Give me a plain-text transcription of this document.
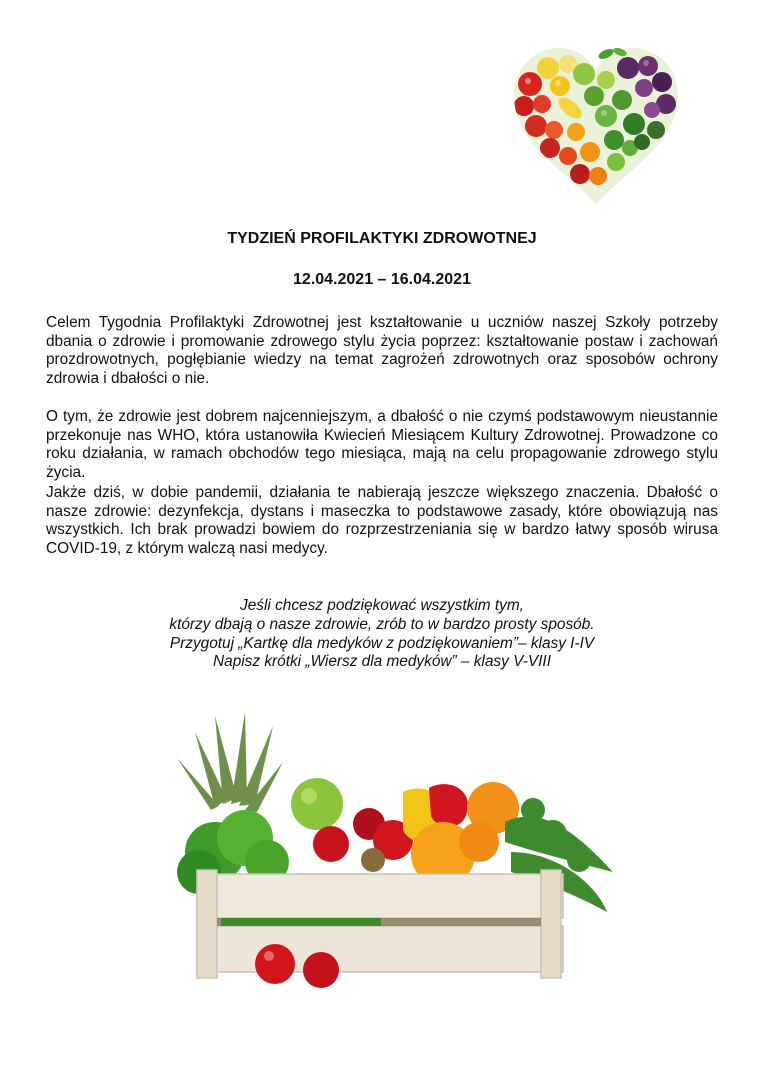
TYDZIEŃ PROFILAKTYKI ZDROWOTNEJ
12.04.2021 – 16.04.2021

Celem Tygodnia Profilaktyki Zdrowotnej jest kształtowanie u uczniów naszej Szkoły potrzeby dbania o zdrowie i promowanie zdrowego stylu życia poprzez: kształtowanie postaw i zachowań prozdrowotnych, pogłębianie wiedzy na temat zagrożeń zdrowotnych oraz sposobów ochrony zdrowia i dbałości o nie.

O tym, że zdrowie jest dobrem najcenniejszym, a dbałość o nie czymś podstawowym nieustannie przekonuje nas WHO, która ustanowiła Kwiecień Miesiącem Kultury Zdrowotnej. Prowadzone co roku działania, w ramach obchodów tego miesiąca, mają na celu propagowanie zdrowego stylu życia.

Jakże dziś, w dobie pandemii, działania te nabierają jeszcze większego znaczenia. Dbałość o nasze zdrowie: dezynfekcja, dystans i maseczka to podstawowe zasady, które obowiązują nas wszystkich. Ich brak prowadzi bowiem do rozprzestrzeniania się w bardzo łatwy sposób wirusa COVID-19, z którym walczą nasi medycy.

Jeśli chcesz podziękować wszystkim tym,
którzy dbają o nasze zdrowie, zrób to w bardzo prosty sposób.
Przygotuj „Kartkę dla medyków z podziękowaniem”– klasy I-IV
Napisz krótki „Wiersz dla medyków” – klasy V-VIII
